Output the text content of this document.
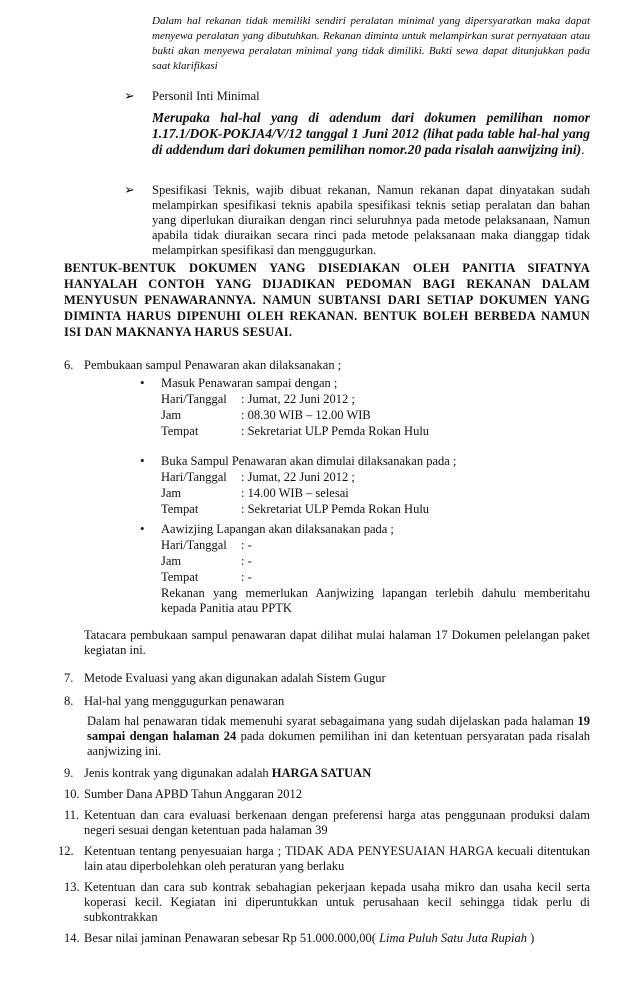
Dalam hal rekanan tidak memiliki sendiri peralatan minimal yang dipersyaratkan maka dapat menyewa peralatan yang dibutuhkan. Rekanan diminta untuk melampirkan surat pernyataan atau bukti akan menyewa peralatan minimal yang tidak dimiliki. Bukti sewa dapat ditunjukkan pada saat klarifikasi
➢ Personil Inti Minimal
Merupaka hal-hal yang di adendum dari dokumen pemilihan nomor 1.17.1/DOK-POKJA4/V/12 tanggal 1 Juni 2012 (lihat pada table hal-hal yang di addendum dari dokumen pemilihan nomor.20 pada risalah aanwijzing ini).
➢ Spesifikasi Teknis, wajib dibuat rekanan, Namun rekanan dapat dinyatakan sudah melampirkan spesifikasi teknis apabila spesifikasi teknis setiap peralatan dan bahan yang diperlukan diuraikan dengan rinci seluruhnya pada metode pelaksanaan, Namun apabila tidak diuraikan secara rinci pada metode pelaksanaan maka dianggap tidak melampirkan spesifikasi dan menggugurkan.
BENTUK-BENTUK DOKUMEN YANG DISEDIAKAN OLEH PANITIA SIFATNYA HANYALAH CONTOH YANG DIJADIKAN PEDOMAN BAGI REKANAN DALAM MENYUSUN PENAWARANNYA. NAMUN SUBTANSI DARI SETIAP DOKUMEN YANG DIMINTA HARUS DIPENUHI OLEH REKANAN. BENTUK BOLEH BERBEDA NAMUN ISI DAN MAKNANYA HARUS SESUAI.
6. Pembukaan sampul Penawaran akan dilaksanakan ;
• Masuk Penawaran sampai dengan ;
Hari/Tanggal : Jumat, 22 Juni 2012 ;
Jam	: 08.30 WIB – 12.00 WIB
Tempat	: Sekretariat ULP Pemda Rokan Hulu
• Buka Sampul Penawaran akan dimulai dilaksanakan pada ;
Hari/Tanggal : Jumat, 22 Juni 2012 ;
Jam	: 14.00 WIB – selesai
Tempat	: Sekretariat ULP Pemda Rokan Hulu
• Aawizjing Lapangan akan dilaksanakan pada ;
Hari/Tanggal : -
Jam	: -
Tempat	: -
Rekanan yang memerlukan Aanjwizing lapangan terlebih dahulu memberitahu kepada Panitia atau PPTK
Tatacara pembukaan sampul penawaran dapat dilihat mulai halaman 17 Dokumen pelelangan paket kegiatan ini.
7. Metode Evaluasi yang akan digunakan adalah Sistem Gugur
8. Hal-hal yang menggugurkan penawaran
Dalam hal penawaran tidak memenuhi syarat sebagaimana yang sudah dijelaskan pada halaman 19 sampai dengan halaman 24 pada dokumen pemilihan ini dan ketentuan persyaratan pada risalah aanjwizing ini.
9. Jenis kontrak yang digunakan adalah HARGA SATUAN
10. Sumber Dana APBD Tahun Anggaran 2012
11. Ketentuan dan cara evaluasi berkenaan dengan preferensi harga atas penggunaan produksi dalam negeri sesuai dengan ketentuan pada halaman 39
12. Ketentuan tentang penyesuaian harga ; TIDAK ADA PENYESUAIAN HARGA kecuali ditentukan lain atau diperbolehkan oleh peraturan yang berlaku
13. Ketentuan dan cara sub kontrak sebahagian pekerjaan kepada usaha mikro dan usaha kecil serta koperasi kecil. Kegiatan ini diperuntukkan untuk perusahaan kecil sehingga tidak perlu di subkontrakkan
14. Besar nilai jaminan Penawaran sebesar Rp 51.000.000,00( Lima Puluh Satu Juta Rupiah )
